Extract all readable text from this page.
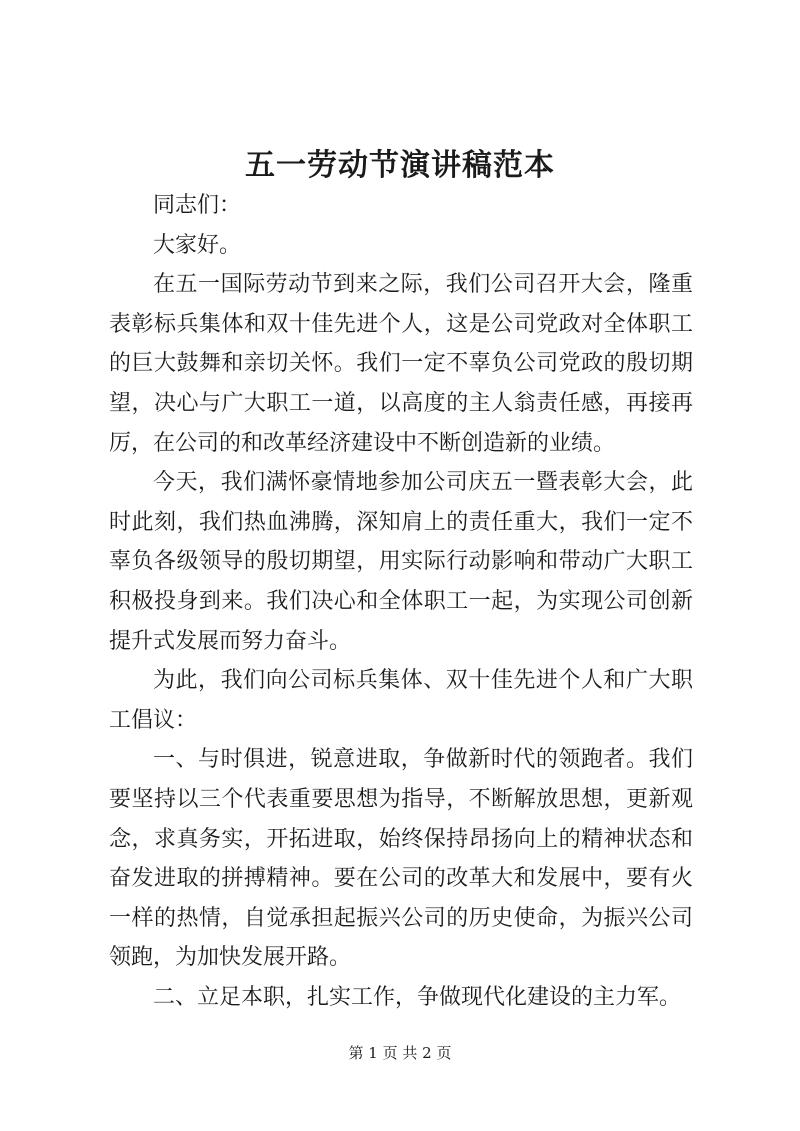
五一劳动节演讲稿范本

同志们：

大家好。

在五一国际劳动节到来之际，我们公司召开大会，隆重表彰标兵集体和双十佳先进个人，这是公司党政对全体职工的巨大鼓舞和亲切关怀。我们一定不辜负公司党政的殷切期望，决心与广大职工一道，以高度的主人翁责任感，再接再厉，在公司的和改革经济建设中不断创造新的业绩。

今天，我们满怀豪情地参加公司庆五一暨表彰大会，此时此刻，我们热血沸腾，深知肩上的责任重大，我们一定不辜负各级领导的殷切期望，用实际行动影响和带动广大职工积极投身到来。我们决心和全体职工一起，为实现公司创新提升式发展而努力奋斗。

为此，我们向公司标兵集体、双十佳先进个人和广大职工倡议：

一、与时俱进，锐意进取，争做新时代的领跑者。我们要坚持以三个代表重要思想为指导，不断解放思想，更新观念，求真务实，开拓进取，始终保持昂扬向上的精神状态和奋发进取的拼搏精神。要在公司的改革大和发展中，要有火一样的热情，自觉承担起振兴公司的历史使命，为振兴公司领跑，为加快发展开路。

二、立足本职，扎实工作，争做现代化建设的主力军。

第 1 页 共 2 页
